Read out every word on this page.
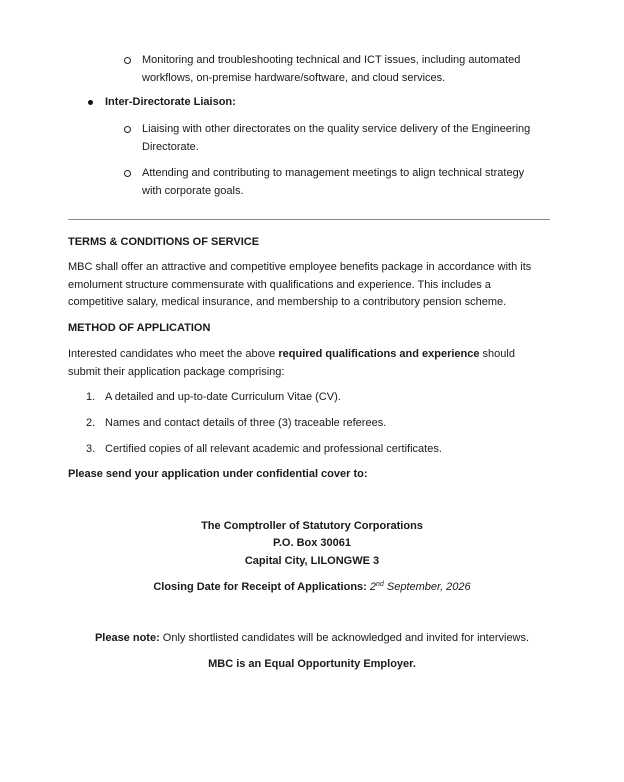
Monitoring and troubleshooting technical and ICT issues, including automated
workflows, on-premise hardware/software, and cloud services.
Inter-Directorate Liaison:
Liaising with other directorates on the quality service delivery of the Engineering
Directorate.
Attending and contributing to management meetings to align technical strategy
with corporate goals.
TERMS & CONDITIONS OF SERVICE
MBC shall offer an attractive and competitive employee benefits package in accordance with its
emolument structure commensurate with qualifications and experience. This includes a
competitive salary, medical insurance, and membership to a contributory pension scheme.
METHOD OF APPLICATION
Interested candidates who meet the above required qualifications and experience should
submit their application package comprising:
1. A detailed and up-to-date Curriculum Vitae (CV).
2. Names and contact details of three (3) traceable referees.
3. Certified copies of all relevant academic and professional certificates.
Please send your application under confidential cover to:
The Comptroller of Statutory Corporations
P.O. Box 30061
Capital City, LILONGWE 3
Closing Date for Receipt of Applications: 2nd September, 2026
Please note: Only shortlisted candidates will be acknowledged and invited for interviews.
MBC is an Equal Opportunity Employer.
